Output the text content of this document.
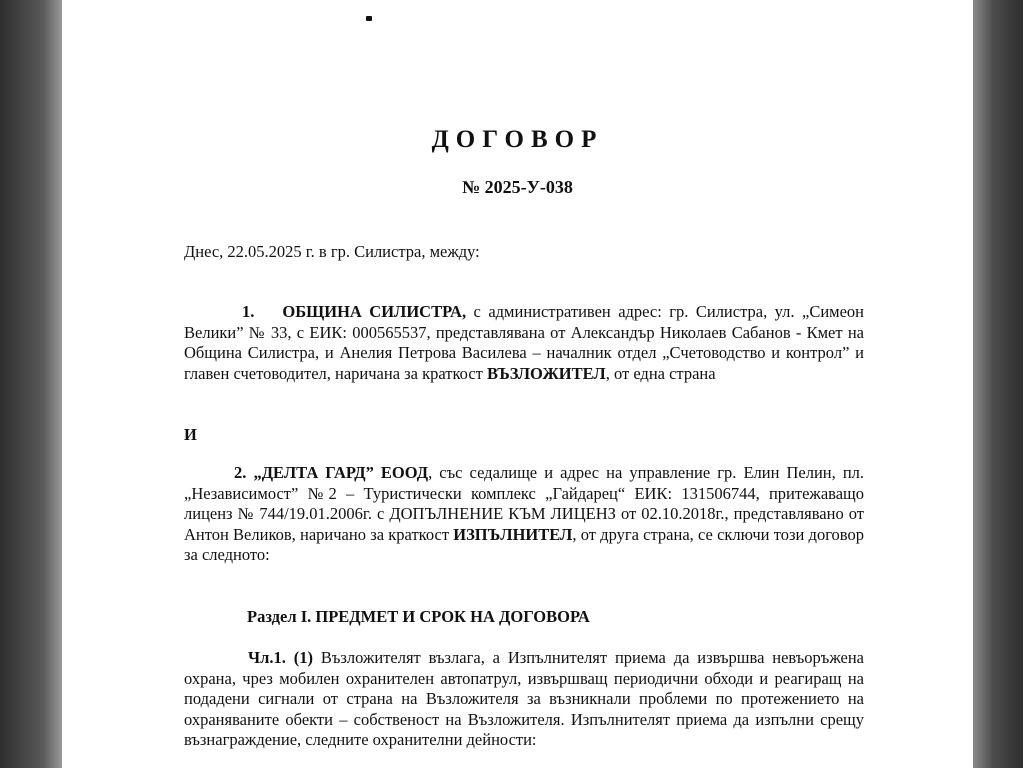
ДОГОВОР
№ 2025-У-038
Днес, 22.05.2025 г. в гр. Силистра, между:
1. ОБЩИНА СИЛИСТРА, с административен адрес: гр. Силистра, ул. „Симеон Велики” № 33, с ЕИК: 000565537, представлявана от Александър Николаев Сабанов - Кмет на Община Силистра, и Анелия Петрова Василева – началник отдел „Счетоводство и контрол” и главен счетоводител, наричана за краткост ВЪЗЛОЖИТЕЛ, от една страна
И
2. „ДЕЛТА ГАРД” ЕООД, със седалище и адрес на управление гр. Елин Пелин, пл.„Независимост” №2 – Туристически комплекс „Гайдарец“ ЕИК: 131506744, притежаващо лиценз № 744/19.01.2006г. с ДОПЪЛНЕНИЕ КЪМ ЛИЦЕНЗ от 02.10.2018г., представлявано от Антон Великов, наричано за краткост ИЗПЪЛНИТЕЛ, от друга страна, се сключи този договор за следното:
Раздел I. ПРЕДМЕТ И СРОК НА ДОГОВОРА
Чл.1. (1) Възложителят възлага, а Изпълнителят приема да извършва невъоръжена охрана, чрез мобилен охранителен автопатрул, извършващ периодични обходи и реагиращ на подадени сигнали от страна на Възложителя за възникнали проблеми по протежението на охраняваните обекти – собственост на Възложителя. Изпълнителят приема да изпълни срещу възнаграждение, следните охранителни дейности:
